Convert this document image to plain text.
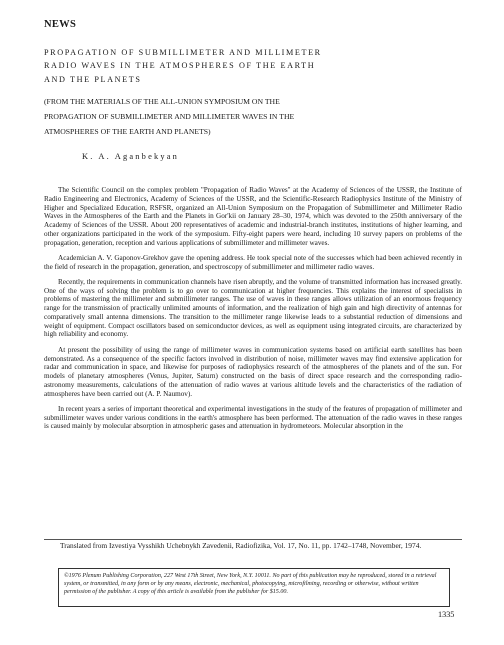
NEWS
PROPAGATION OF SUBMILLIMETER AND MILLIMETER
RADIO WAVES IN THE ATMOSPHERES OF THE EARTH
AND THE PLANETS
(FROM THE MATERIALS OF THE ALL-UNION SYMPOSIUM ON THE
PROPAGATION OF SUBMILLIMETER AND MILLIMETER WAVES IN THE
ATMOSPHERES OF THE EARTH AND PLANETS)
K. A. Aganbekyan

The Scientific Council on the complex problem "Propagation of Radio Waves" at the Academy of Sciences of the USSR, the Institute of Radio Engineering and Electronics, Academy of Sciences of the USSR, and the Scientific-Research Radiophysics Institute of the Ministry of Higher and Specialized Education, RSFSR, organized an All-Union Symposium on the Propagation of Submillimeter and Millimeter Radio Waves in the Atmospheres of the Earth and the Planets in Gor'kii on January 28–30, 1974, which was devoted to the 250th anniversary of the Academy of Sciences of the USSR. About 200 representatives of academic and industrial-branch institutes, institutions of higher learning, and other organizations participated in the work of the symposium. Fifty-eight papers were heard, including 10 survey papers on problems of the propagation, generation, reception and various applications of submillimeter and millimeter waves.

Academician A. V. Gaponov-Grekhov gave the opening address. He took special note of the successes which had been achieved recently in the field of research in the propagation, generation, and spectroscopy of submillimeter and millimeter radio waves.

Recently, the requirements in communication channels have risen abruptly, and the volume of transmitted information has increased greatly. One of the ways of solving the problem is to go over to communication at higher frequencies. This explains the interest of specialists in problems of mastering the millimeter and submillimeter ranges. The use of waves in these ranges allows utilization of an enormous frequency range for the transmission of practically unlimited amounts of information, and the realization of high gain and high directivity of antennas for comparatively small antenna dimensions. The transition to the millimeter range likewise leads to a substantial reduction of dimensions and weight of equipment. Compact oscillators based on semiconductor devices, as well as equipment using integrated circuits, are characterized by high reliability and economy.

At present the possibility of using the range of millimeter waves in communication systems based on artificial earth satellites has been demonstrated. As a consequence of the specific factors involved in distribution of noise, millimeter waves may find extensive application for radar and communication in space, and likewise for purposes of radiophysics research of the atmospheres of the planets and of the sun. For models of planetary atmospheres (Venus, Jupiter, Saturn) constructed on the basis of direct space research and the corresponding radio-astronomy measurements, calculations of the attenuation of radio waves at various altitude levels and the characteristics of the radiation of atmospheres have been carried out (A. P. Naumov).

In recent years a series of important theoretical and experimental investigations in the study of the features of propagation of millimeter and submillimeter waves under various conditions in the earth's atmosphere has been performed. The attenuation of the radio waves in these ranges is caused mainly by molecular absorption in atmospheric gases and attenuation in hydrometeors. Molecular absorption in the

Translated from Izvestiya Vysshikh Uchebnykh Zavedenii, Radiofizika, Vol. 17, No. 11, pp. 1742–1748, November, 1974.
©1976 Plenum Publishing Corporation, 227 West 17th Street, New York, N.Y. 10011. No part of this publication may be reproduced, stored in a retrieval system, or transmitted, in any form or by any means, electronic, mechanical, photocopying, microfilming, recording or otherwise, without written permission of the publisher. A copy of this article is available from the publisher for $15.00.
1335
